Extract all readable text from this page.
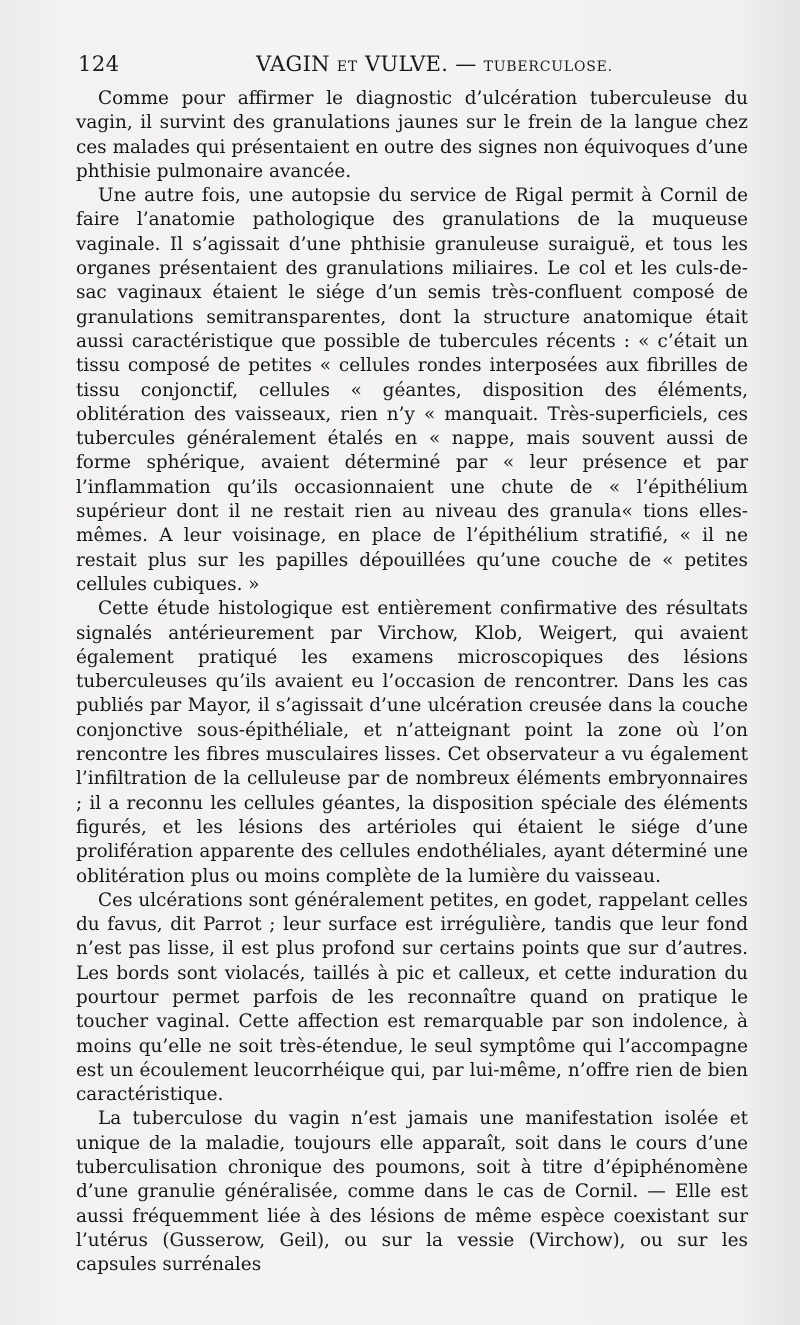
124	VAGIN ET VULVE. — TUBERCULOSE.

Comme pour affirmer le diagnostic d’ulcération tuberculeuse du vagin, il survint des granulations jaunes sur le frein de la langue chez ces malades qui présentaient en outre des signes non équivoques d’une phthisie pulmonaire avancée.

Une autre fois, une autopsie du service de Rigal permit à Cornil de faire l’anatomie pathologique des granulations de la muqueuse vaginale. Il s’agissait d’une phthisie granuleuse suraiguë, et tous les organes présentaient des granulations miliaires. Le col et les culs-de-sac vaginaux étaient le siége d’un semis très-confluent composé de granulations semitransparentes, dont la structure anatomique était aussi caractéristique que possible de tubercules récents : « c’était un tissu composé de petites « cellules rondes interposées aux fibrilles de tissu conjonctif, cellules « géantes, disposition des éléments, oblitération des vaisseaux, rien n’y « manquait. Très-superficiels, ces tubercules généralement étalés en « nappe, mais souvent aussi de forme sphérique, avaient déterminé par « leur présence et par l’inflammation qu’ils occasionnaient une chute de « l’épithélium supérieur dont il ne restait rien au niveau des granula« tions elles-mêmes. A leur voisinage, en place de l’épithélium stratifié, « il ne restait plus sur les papilles dépouillées qu’une couche de « petites cellules cubiques. »

Cette étude histologique est entièrement confirmative des résultats signalés antérieurement par Virchow, Klob, Weigert, qui avaient également pratiqué les examens microscopiques des lésions tuberculeuses qu’ils avaient eu l’occasion de rencontrer. Dans les cas publiés par Mayor, il s’agissait d’une ulcération creusée dans la couche conjonctive sous-épithéliale, et n’atteignant point la zone où l’on rencontre les fibres musculaires lisses. Cet observateur a vu également l’infiltration de la celluleuse par de nombreux éléments embryonnaires ; il a reconnu les cellules géantes, la disposition spéciale des éléments figurés, et les lésions des artérioles qui étaient le siége d’une prolifération apparente des cellules endothéliales, ayant déterminé une oblitération plus ou moins complète de la lumière du vaisseau.

Ces ulcérations sont généralement petites, en godet, rappelant celles du favus, dit Parrot ; leur surface est irrégulière, tandis que leur fond n’est pas lisse, il est plus profond sur certains points que sur d’autres. Les bords sont violacés, taillés à pic et calleux, et cette induration du pourtour permet parfois de les reconnaître quand on pratique le toucher vaginal. Cette affection est remarquable par son indolence, à moins qu’elle ne soit très-étendue, le seul symptôme qui l’accompagne est un écoulement leucorrhéique qui, par lui-même, n’offre rien de bien caractéristique.

La tuberculose du vagin n’est jamais une manifestation isolée et unique de la maladie, toujours elle apparaît, soit dans le cours d’une tuberculisation chronique des poumons, soit à titre d’épiphénomène d’une granulie généralisée, comme dans le cas de Cornil. — Elle est aussi fréquemment liée à des lésions de même espèce coexistant sur l’utérus (Gusserow, Geil), ou sur la vessie (Virchow), ou sur les capsules surrénales
